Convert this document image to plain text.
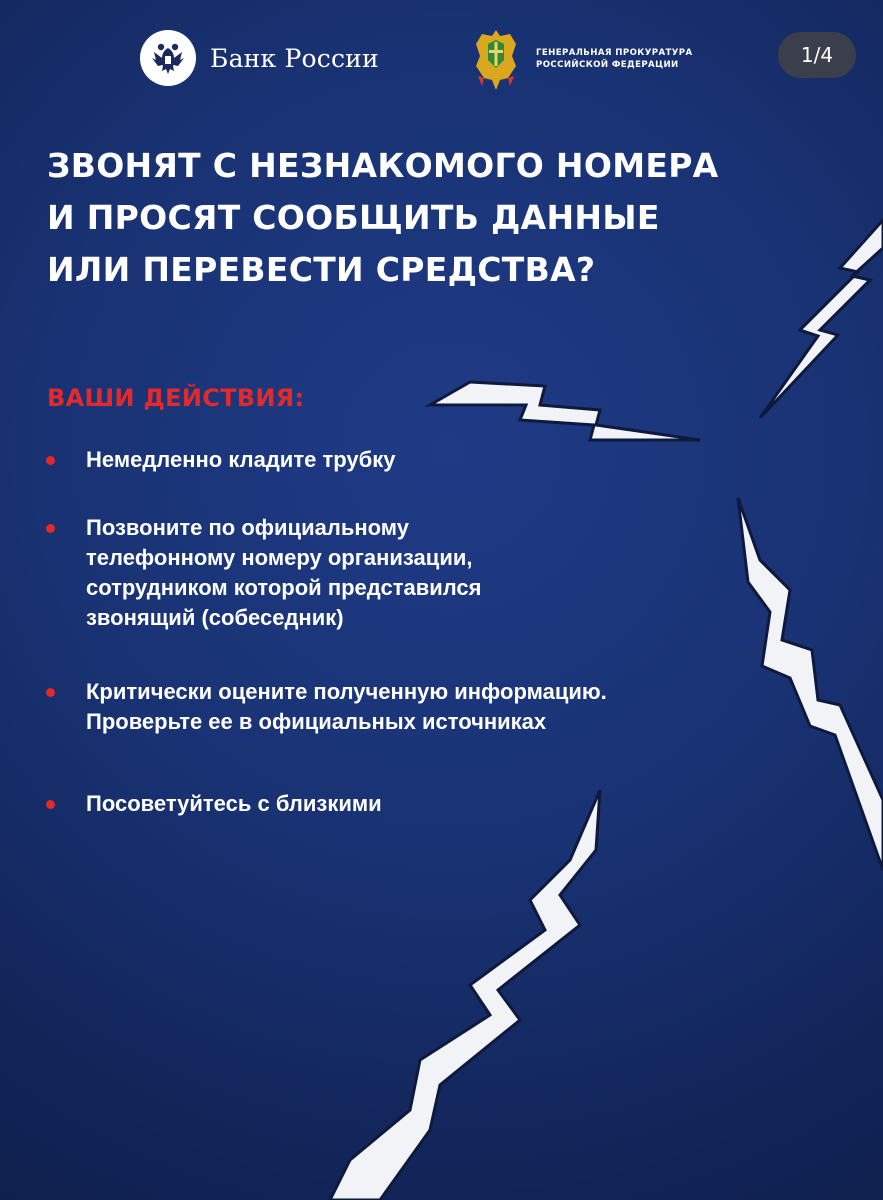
Банк России	ГЕНЕРАЛЬНАЯ ПРОКУРАТУРА
РОССИЙСКОЙ ФЕДЕРАЦИИ	1/4
ЗВОНЯТ С НЕЗНАКОМОГО НОМЕРА
И ПРОСЯТ СООБЩИТЬ ДАННЫЕ
ИЛИ ПЕРЕВЕСТИ СРЕДСТВА?
ВАШИ ДЕЙСТВИЯ:
Немедленно кладите трубку
Позвоните по официальному
телефонному номеру организации,
сотрудником которой представился
звонящий (собеседник)
Критически оцените полученную информацию.
Проверьте ее в официальных источниках
Посоветуйтесь с близкими
